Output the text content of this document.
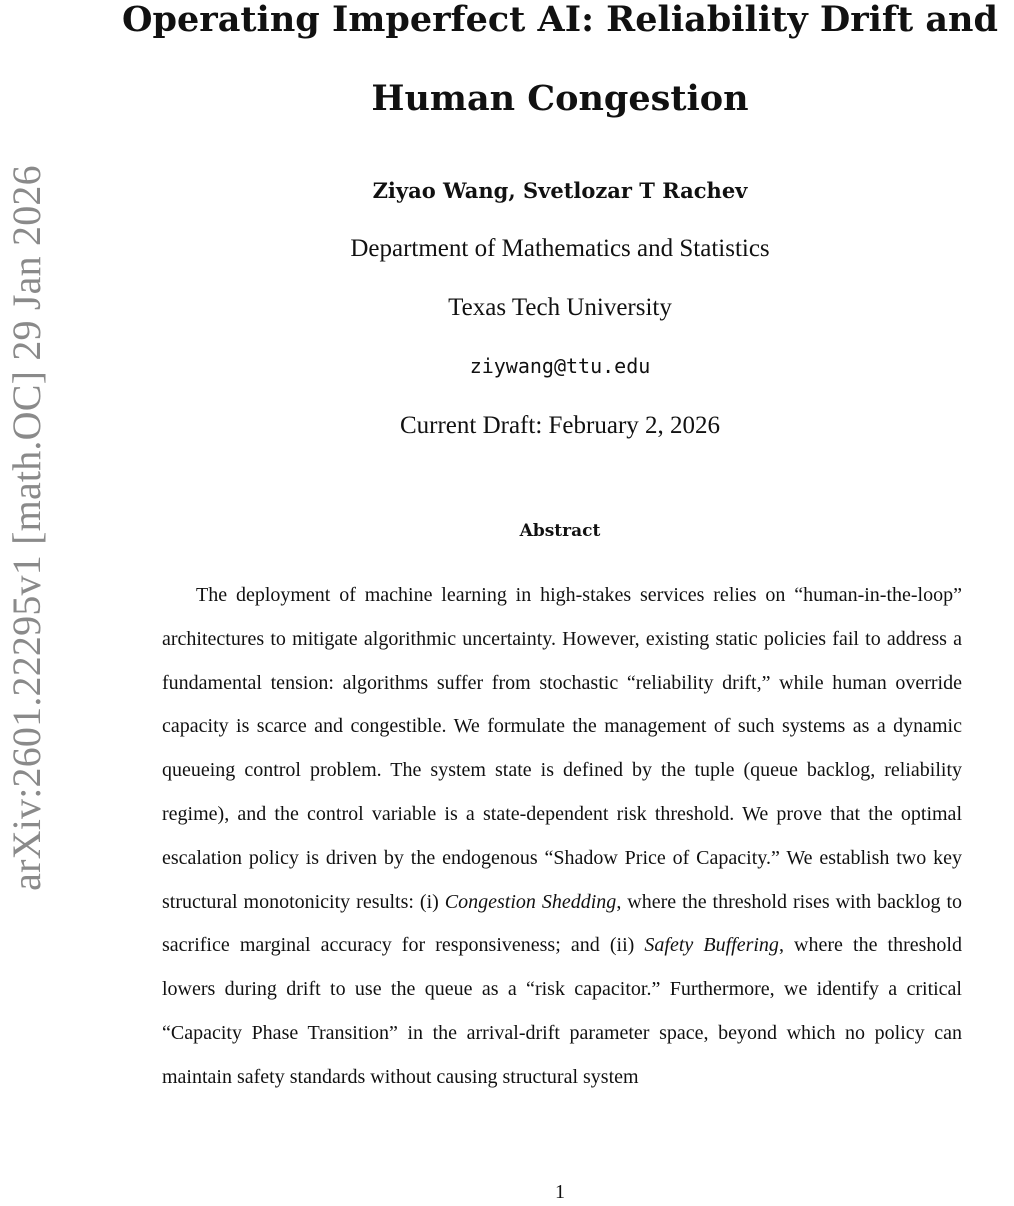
arXiv:2601.22295v1 [math.OC] 29 Jan 2026
Operating Imperfect AI: Reliability Drift and
Human Congestion
Ziyao Wang, Svetlozar T Rachev
Department of Mathematics and Statistics
Texas Tech University
ziywang@ttu.edu
Current Draft: February 2, 2026
Abstract

The deployment of machine learning in high-stakes services relies on “human-in-the-loop” architectures to mitigate algorithmic uncertainty. However, existing static policies fail to address a fundamental tension: algorithms suffer from stochastic “reliability drift,” while human override capacity is scarce and congestible. We formulate the management of such systems as a dynamic queueing control problem. The system state is defined by the tuple (queue backlog, reliability regime), and the control variable is a state-dependent risk threshold. We prove that the optimal escalation policy is driven by the endogenous “Shadow Price of Capacity.” We establish two key structural monotonicity results: (i) Congestion Shedding, where the threshold rises with backlog to sacrifice marginal accuracy for responsiveness; and (ii) Safety Buffering, where the threshold lowers during drift to use the queue as a “risk capacitor.” Furthermore, we identify a critical “Capacity Phase Transition” in the arrival-drift parameter space, beyond which no policy can maintain safety standards without causing structural system

1
